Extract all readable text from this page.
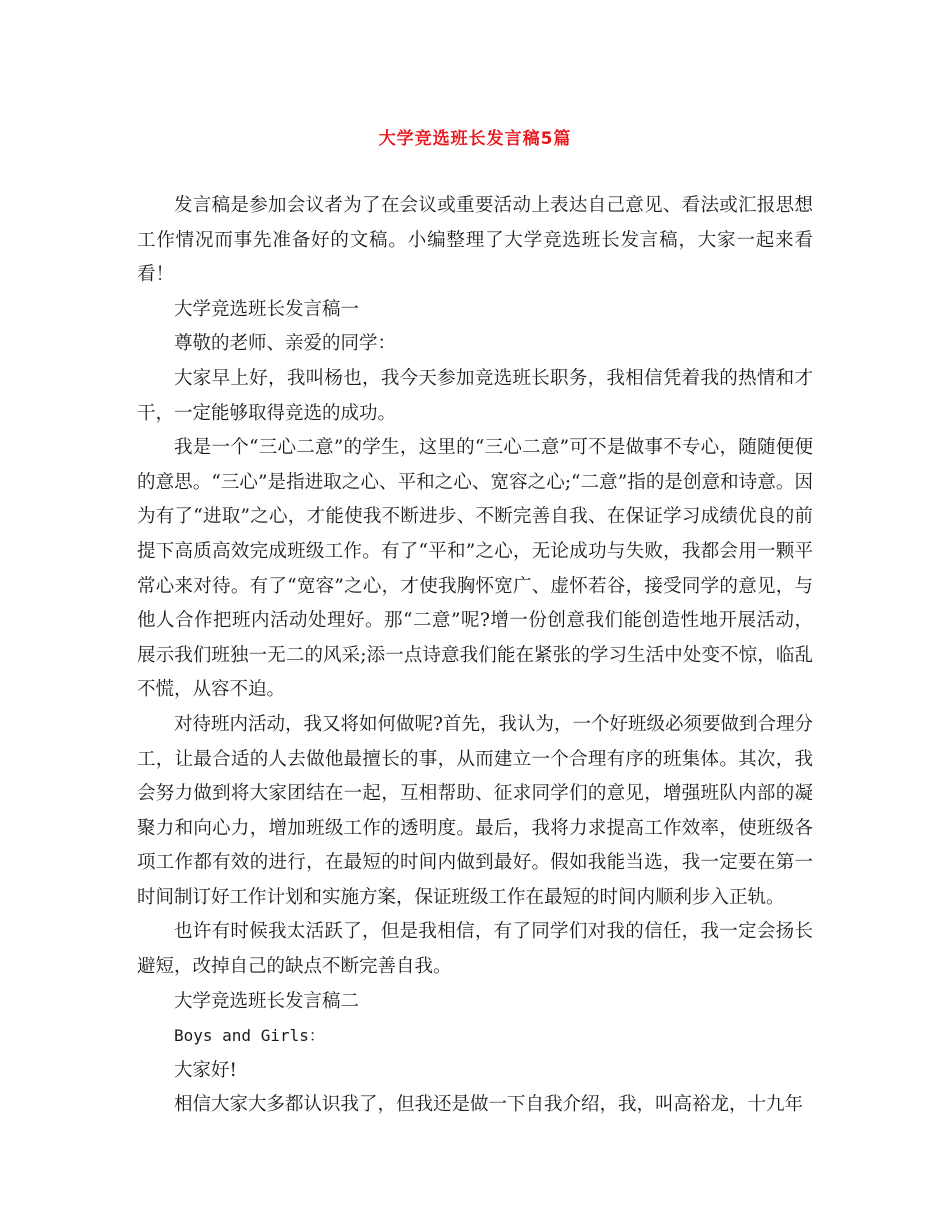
大学竞选班长发言稿5篇

发言稿是参加会议者为了在会议或重要活动上表达自己意见、看法或汇报思想工作情况而事先准备好的文稿。小编整理了大学竞选班长发言稿，大家一起来看看！

大学竞选班长发言稿一

尊敬的老师、亲爱的同学：

大家早上好，我叫杨也，我今天参加竞选班长职务，我相信凭着我的热情和才干，一定能够取得竞选的成功。

我是一个“三心二意”的学生，这里的“三心二意”可不是做事不专心，随随便便的意思。“三心”是指进取之心、平和之心、宽容之心;“二意”指的是创意和诗意。因为有了“进取”之心，才能使我不断进步、不断完善自我、在保证学习成绩优良的前提下高质高效完成班级工作。有了“平和”之心，无论成功与失败，我都会用一颗平常心来对待。有了“宽容”之心，才使我胸怀宽广、虚怀若谷，接受同学的意见，与他人合作把班内活动处理好。那“二意”呢?增一份创意我们能创造性地开展活动，展示我们班独一无二的风采;添一点诗意我们能在紧张的学习生活中处变不惊，临乱不慌，从容不迫。

对待班内活动，我又将如何做呢?首先，我认为，一个好班级必须要做到合理分工，让最合适的人去做他最擅长的事，从而建立一个合理有序的班集体。其次，我会努力做到将大家团结在一起，互相帮助、征求同学们的意见，增强班队内部的凝聚力和向心力，增加班级工作的透明度。最后，我将力求提高工作效率，使班级各项工作都有效的进行，在最短的时间内做到最好。假如我能当选，我一定要在第一时间制订好工作计划和实施方案，保证班级工作在最短的时间内顺利步入正轨。

也许有时候我太活跃了，但是我相信，有了同学们对我的信任，我一定会扬长避短，改掉自己的缺点不断完善自我。

大学竞选班长发言稿二

Boys and Girls：

大家好!

相信大家大多都认识我了，但我还是做一下自我介绍，我，叫高裕龙，十九年
